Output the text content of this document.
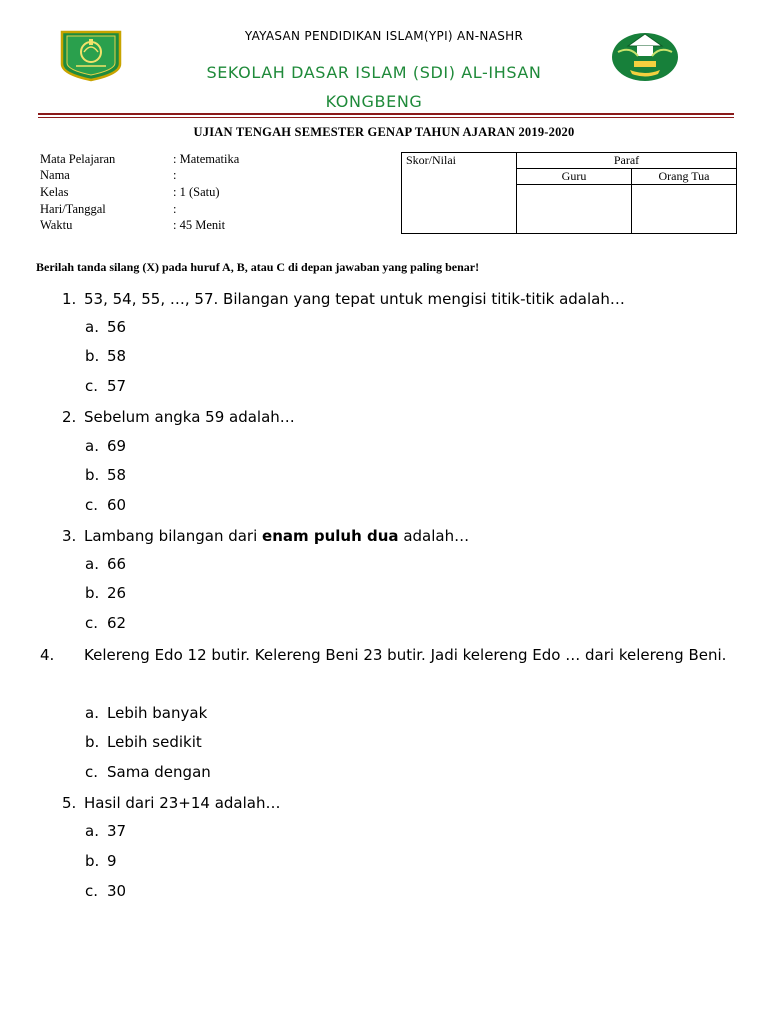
YAYASAN PENDIDIKAN ISLAM(YPI) AN-NASHR
SEKOLAH DASAR ISLAM (SDI) AL-IHSAN
KONGBENG
UJIAN TENGAH SEMESTER GENAP TAHUN AJARAN 2019-2020
Mata Pelajaran	: Matematika
Nama	:
Kelas	: 1 (Satu)
Hari/Tanggal	:
Waktu	: 45 Menit
Skor/Nilai	Paraf	
	Guru	Orang Tua

Berilah tanda silang (X) pada huruf A, B, atau C di depan jawaban yang paling benar!
1. 53, 54, 55, …, 57. Bilangan yang tepat untuk mengisi titik-titik adalah…
a. 56
b. 58
c. 57
2. Sebelum angka 59 adalah…
a. 69
b. 58
c. 60
3. Lambang bilangan dari enam puluh dua adalah…
a. 66
b. 26
c. 62
4. Kelereng Edo 12 butir. Kelereng Beni 23 butir. Jadi kelereng Edo … dari kelereng Beni.
a. Lebih banyak
b. Lebih sedikit
c. Sama dengan
5. Hasil dari 23+14 adalah…
a. 37
b. 9
c. 30
